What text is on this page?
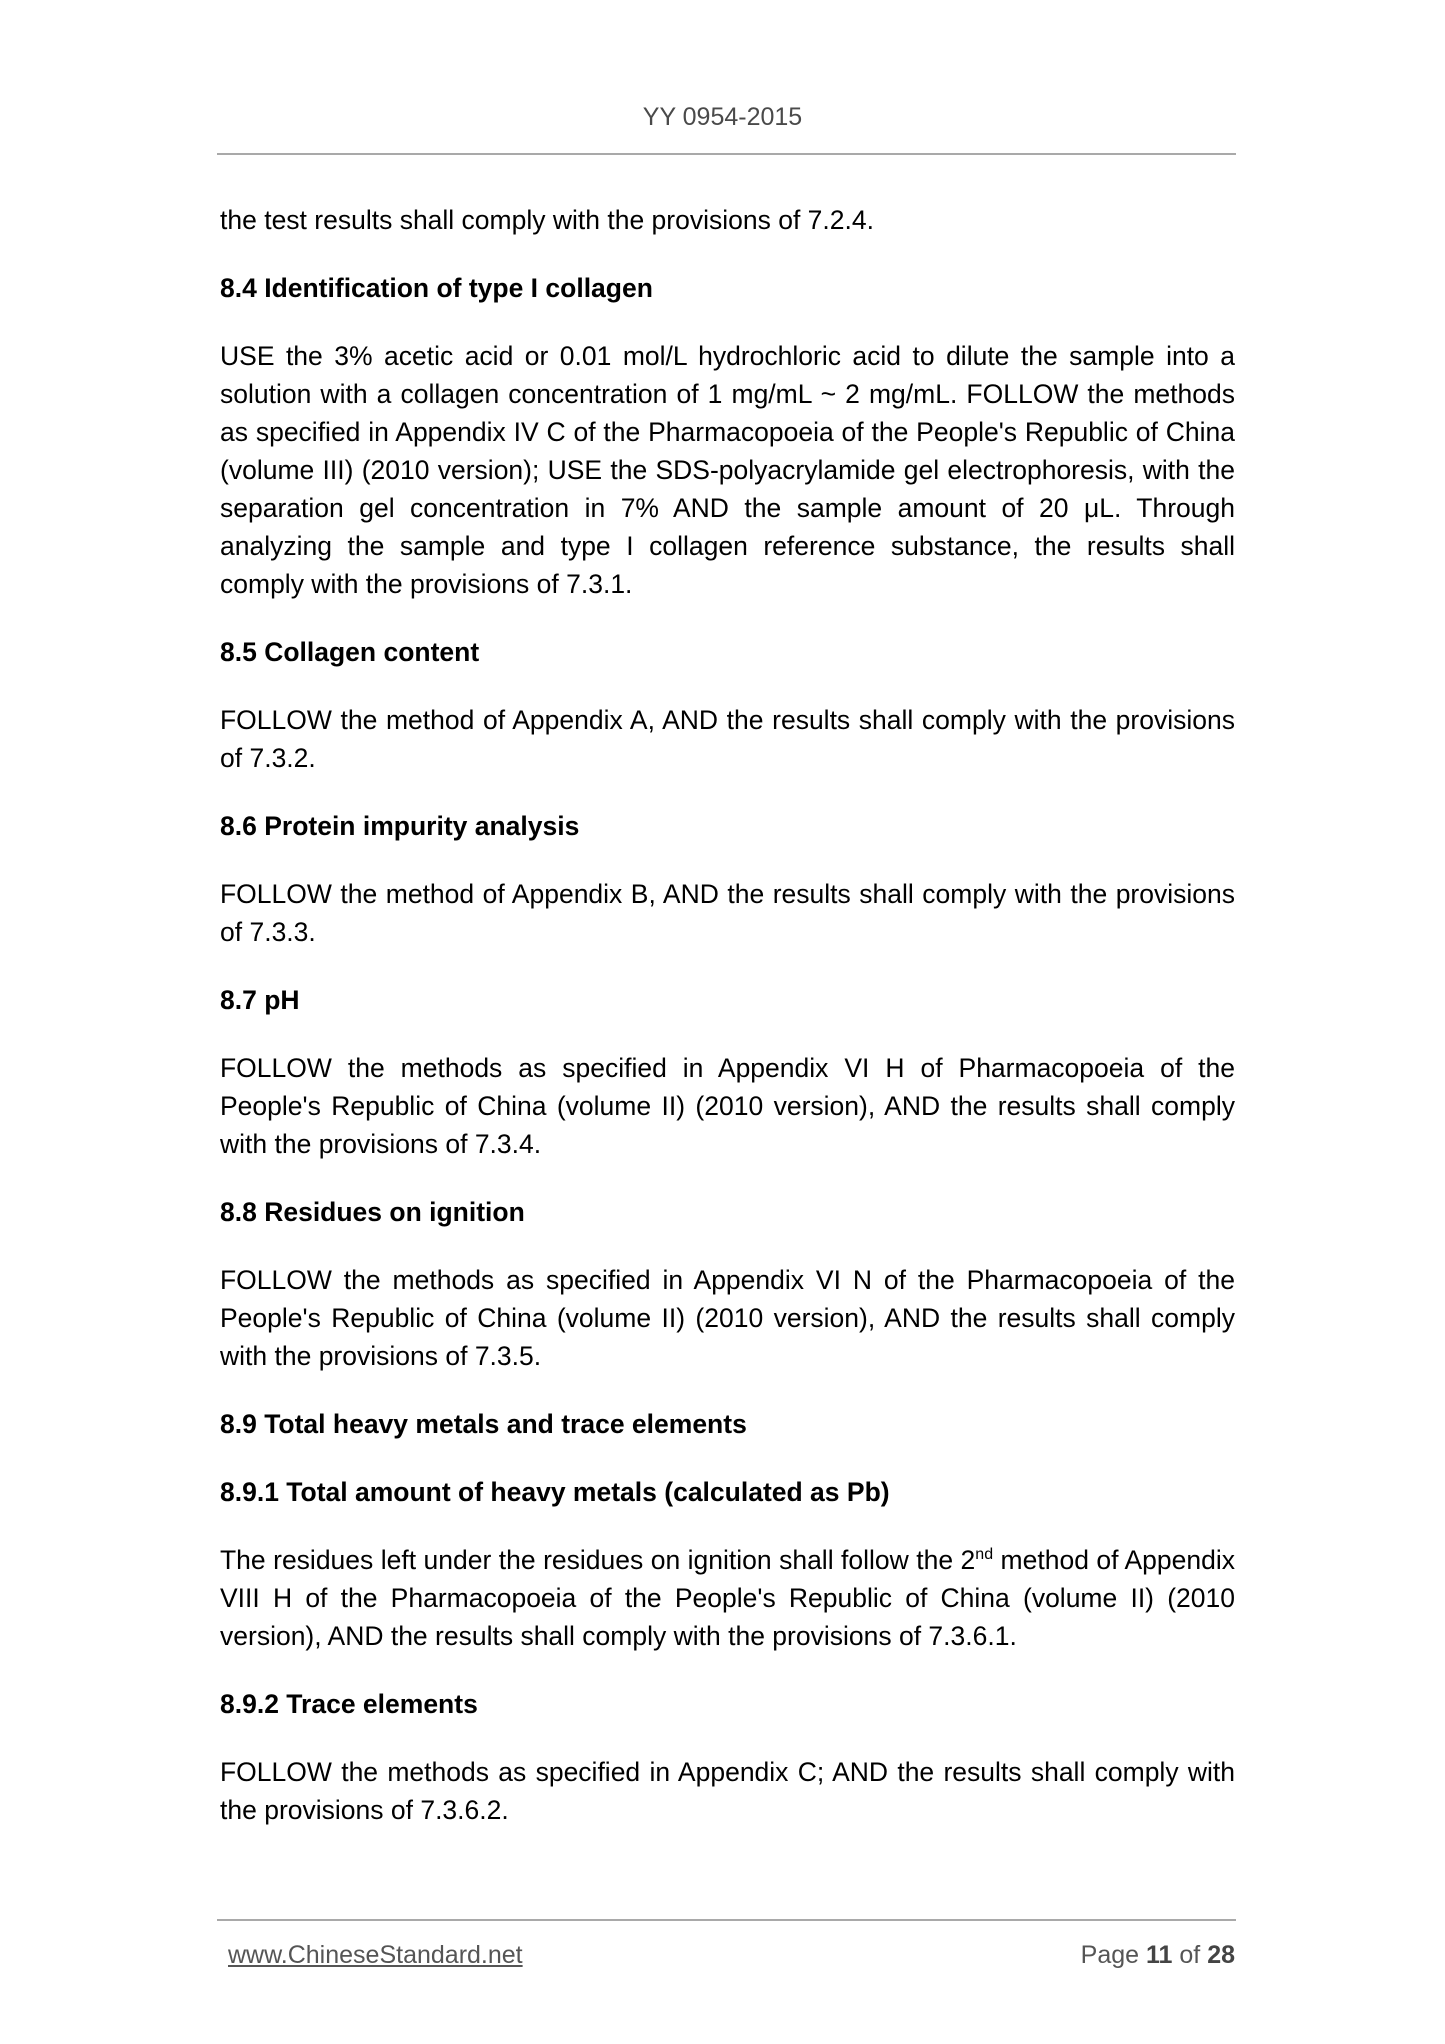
YY 0954-2015

the test results shall comply with the provisions of 7.2.4.

8.4 Identification of type I collagen

USE the 3% acetic acid or 0.01 mol/L hydrochloric acid to dilute the sample into a solution with a collagen concentration of 1 mg/mL ~ 2 mg/mL. FOLLOW the methods as specified in Appendix IV C of the Pharmacopoeia of the People's Republic of China (volume III) (2010 version); USE the SDS-polyacrylamide gel electrophoresis, with the separation gel concentration in 7% AND the sample amount of 20 μL. Through analyzing the sample and type I collagen reference substance, the results shall comply with the provisions of 7.3.1.

8.5 Collagen content

FOLLOW the method of Appendix A, AND the results shall comply with the provisions of 7.3.2.

8.6 Protein impurity analysis

FOLLOW the method of Appendix B, AND the results shall comply with the provisions of 7.3.3.

8.7 pH

FOLLOW the methods as specified in Appendix VI H of Pharmacopoeia of the People's Republic of China (volume II) (2010 version), AND the results shall comply with the provisions of 7.3.4.

8.8 Residues on ignition

FOLLOW the methods as specified in Appendix VI N of the Pharmacopoeia of the People's Republic of China (volume II) (2010 version), AND the results shall comply with the provisions of 7.3.5.

8.9 Total heavy metals and trace elements
8.9.1 Total amount of heavy metals (calculated as Pb)

The residues left under the residues on ignition shall follow the 2nd method of Appendix VIII H of the Pharmacopoeia of the People's Republic of China (volume II) (2010 version), AND the results shall comply with the provisions of 7.3.6.1.

8.9.2 Trace elements

FOLLOW the methods as specified in Appendix C; AND the results shall comply with the provisions of 7.3.6.2.

www.ChineseStandard.net	Page 11 of 28
